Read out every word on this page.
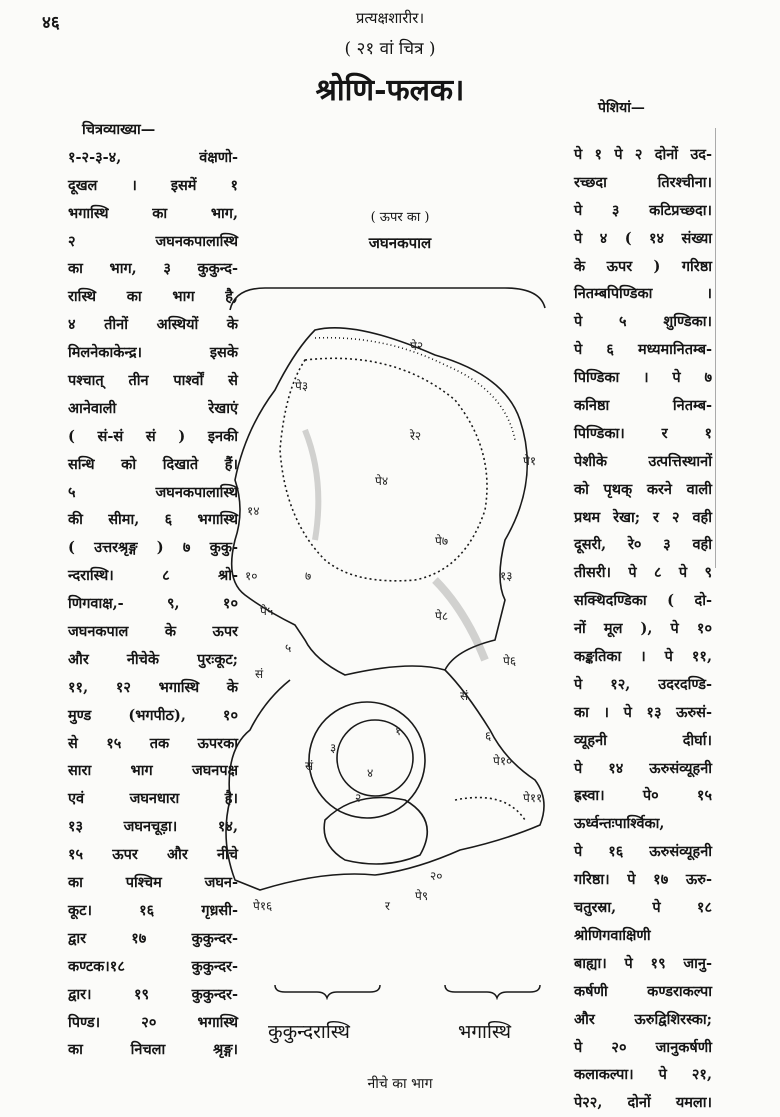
४६	प्रत्यक्षशारीर।
( २१ वां चित्र )
श्रोणि-फलक।
चित्रव्याख्या—
१-२-३-४, वंक्षणो-
दूखल । इसमें १
भगास्थि का भाग,
२ जघनकपालास्थि
का भाग, ३ कुकुन्द-
रास्थि का भाग है,
४ तीनों अस्थियों के
मिलनेकाकेन्द्र। इसके
पश्चात् तीन पार्श्वों से
आनेवाली रेखाएं
( सं-सं सं ) इनकी
सन्धि को दिखाते हैं।
५ जघनकपालास्थि
की सीमा, ६ भगास्थि
( उत्तरश्रृङ्ग ) ७ कुकु-
न्दरास्थि। ८ श्रो-
णिगवाक्ष,- ९, १०
जघनकपाल के ऊपर
और नीचेके पुरःकूट;
११, १२ भगास्थि के
मुण्ड (भगपीठ), १०
से १५ तक ऊपरका
सारा भाग जघनपक्ष
एवं जघनधारा है।
१३ जघनचूड़ा। १४,
१५ ऊपर और नीचे
का पश्चिम जघन-
कूट। १६ गृध्रसी-
द्वार १७ कुकुन्दर-
कण्टक।१८ कुकुन्दर-
द्वार। १९ कुकुन्दर-
पिण्ड। २० भगास्थि
का निचला श्रृङ्ग।
पेशियां—
पे १ पे २ दोनों उद-
रच्छदा तिरश्चीना।
पे ३ कटिप्रच्छदा।
पे ४ ( १४ संख्या
के ऊपर ) गरिष्ठा
नितम्बपिण्डिका ।
पे ५ शुण्डिका।
पे ६ मध्यमानितम्ब-
पिण्डिका । पे ७
कनिष्ठा नितम्ब-
पिण्डिका। र १
पेशीके उत्पत्तिस्थानों
को पृथक् करने वाली
प्रथम रेखा; र २ वही
दूसरी, रे० ३ वही
तीसरी। पे ८ पे ९
सक्थिदण्डिका ( दो-
नों मूल ), पे १०
कङ्कतिका । पे ११,
पे १२, उदरदण्डि-
का । पे १३ ऊरुसं-
व्यूहनी दीर्घा।
पे १४ ऊरुसंव्यूहनी
ह्रस्वा। पे० १५
ऊर्ध्वन्तःपार्श्विका,
पे १६ ऊरुसंव्यूहनी
गरिष्ठा। पे १७ ऊरु-
चतुरस्रा, पे १८
श्रोणिगवाक्षिणी
बाह्या। पे १९ जानु-
कर्षणी कण्डराकल्पा
और ऊरुद्विशिरस्का;
पे २० जानुकर्षणी
कलाकल्पा। पे २१,
पे२२, दोनों यमला।
( ऊपर का )
जघनकपाल
पे२
पे१
पे३
पे४
पे५
पे६
पे७
पे८
पे९
पे१०
पे११
पे१६
सं
सं
सं
१
२
३
४
५
६
७
१०	१३
१४
२०
र
रे२
कुकुन्दरास्थि	भगास्थि
नीचे का भाग
